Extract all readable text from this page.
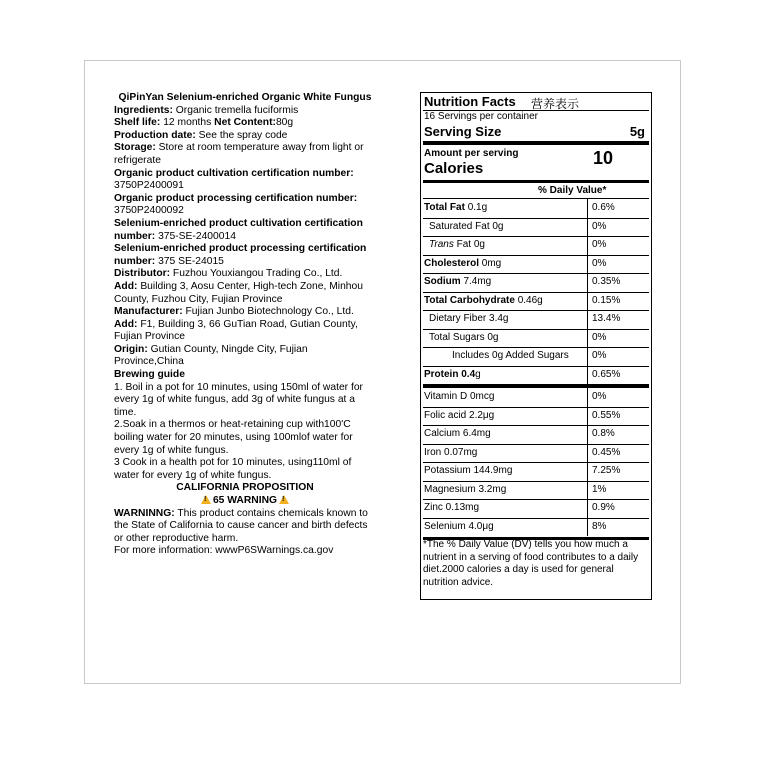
QiPinYan Selenium-enriched Organic White Fungus

Ingredients: Organic tremella fuciformis

Shelf life: 12 months Net Content:80g

Production date: See the spray code

Storage: Store at room temperature away from light or refrigerate

Organic product cultivation certification number:
3750P2400091

Organic product processing certification number: 3750P2400092

Selenium-enriched product cultivation certification number: 375-SE-2400014

Selenium-enriched product processing certification number: 375 SE-24015

Distributor: Fuzhou Youxiangou Trading Co., Ltd.

Add: Building 3, Aosu Center, High-tech Zone, Minhou County, Fuzhou City, Fujian Province

Manufacturer: Fujian Junbo Biotechnology Co., Ltd.

Add: F1, Building 3, 66 GuTian Road, Gutian County, Fujian Province

Origin: Gutian County, Ningde City, Fujian Province,China

Brewing guide

1. Boil in a pot for 10 minutes, using 150ml of water for every 1g of white fungus, add 3g of white fungus at a time.

2.Soak in a thermos or heat-retaining cup with100'C boiling water for 20 minutes, using 100mlof water for every 1g of white fungus.

3 Cook in a health pot for 10 minutes, using110ml of water for every 1g of white fungus.

CALIFORNIA PROPOSITION

!65 WARNING!

WARNINNG: This product contains chemicals known to the State of California to cause cancer and birth defects or other reproductive harm.

For more information: wwwP6SWarnings.ca.gov

Nutrition Facts 营养表示
16 Servings per container
Serving Size	5g
Amount per serving
Calories
10
% Daily Value*
Total Fat 0.1g	0.6%
Saturated Fat 0g	0%
Trans Fat 0g	0%
Cholesterol 0mg	0%
Sodium 7.4mg	0.35%
Total Carbohydrate 0.46g	0.15%
Dietary Fiber 3.4g	13.4%
Total Sugars 0g	0%
Includes 0g Added Sugars 0%
Protein 0.4g	0.65%
Vitamin D 0mcg	0%
Folic acid 2.2μg	0.55%
Calcium 6.4mg	0.8%
Iron 0.07mg	0.45%
Potassium 144.9mg	7.25%
Magnesium 3.2mg	1%
Zinc 0.13mg	0.9%
Selenium 4.0μg	8%
*The % Daily Value (DV) tells you how much a nutrient in a serving of food contributes to a daily diet.2000 calories a day is used for general nutrition advice.
